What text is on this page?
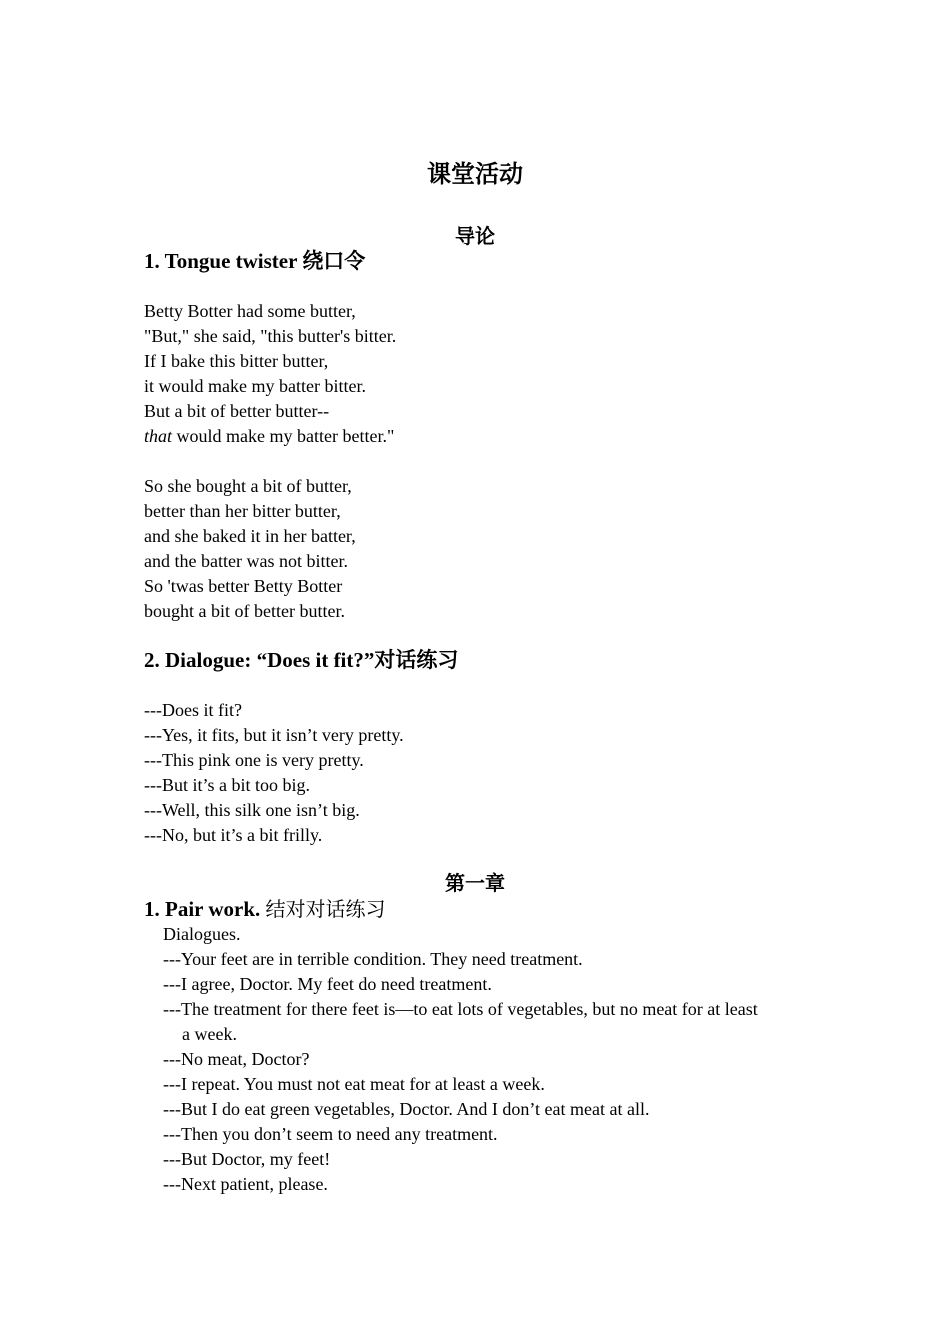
课堂活动
导论
1. Tongue twister 绕口令
Betty Botter had some butter,
"But," she said, "this butter's bitter.
If I bake this bitter butter,
it would make my batter bitter.
But a bit of better butter--
that would make my batter better."
So she bought a bit of butter,
better than her bitter butter,
and she baked it in her batter,
and the batter was not bitter.
So 'twas better Betty Botter
bought a bit of better butter.
2. Dialogue: “Does it fit?”对话练习
---Does it fit?
---Yes, it fits, but it isn’t very pretty.
---This pink one is very pretty.
---But it’s a bit too big.
---Well, this silk one isn’t big.
---No, but it’s a bit frilly.
第一章
1. Pair work. 结对对话练习
Dialogues.
---Your feet are in terrible condition. They need treatment.
---I agree, Doctor. My feet do need treatment.
---The treatment for there feet is—to eat lots of vegetables, but no meat for at least
a week.
---No meat, Doctor?
---I repeat. You must not eat meat for at least a week.
---But I do eat green vegetables, Doctor. And I don’t eat meat at all.
---Then you don’t seem to need any treatment.
---But Doctor, my feet!
---Next patient, please.
